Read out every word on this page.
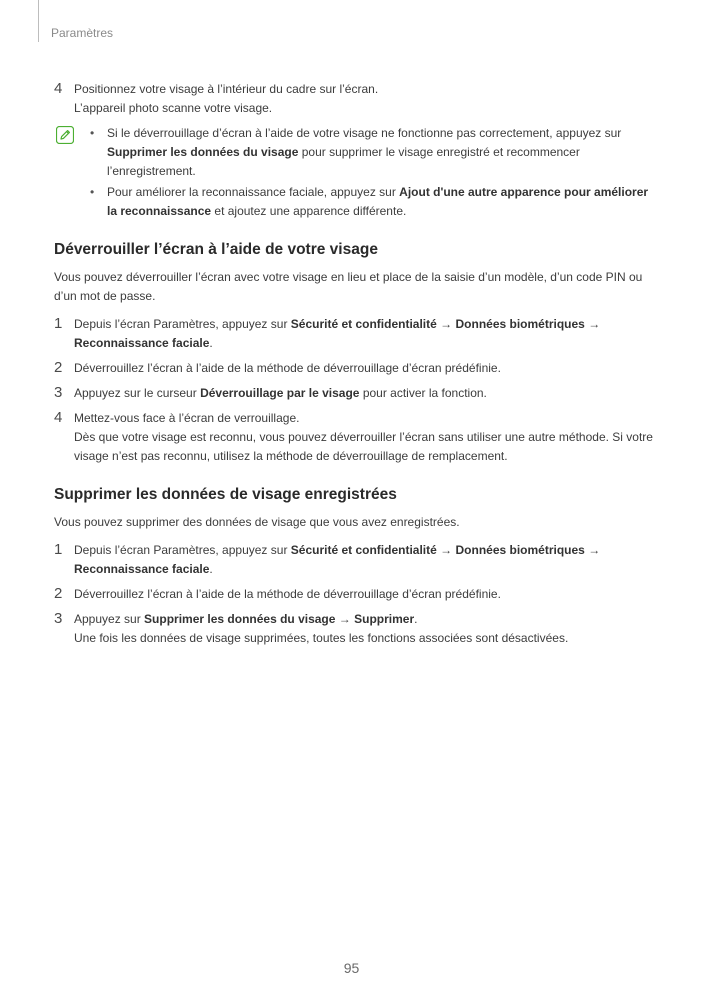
Paramètres
4 Positionnez votre visage à l’intérieur du cadre sur l’écran.
L’appareil photo scanne votre visage.
• Si le déverrouillage d’écran à l’aide de votre visage ne fonctionne pas correctement, appuyez sur Supprimer les données du visage pour supprimer le visage enregistré et recommencer l’enregistrement.
• Pour améliorer la reconnaissance faciale, appuyez sur Ajout d'une autre apparence pour améliorer la reconnaissance et ajoutez une apparence différente.
Déverrouiller l’écran à l’aide de votre visage

Vous pouvez déverrouiller l’écran avec votre visage en lieu et place de la saisie d’un modèle, d’un code PIN ou d’un mot de passe.

1 Depuis l’écran Paramètres, appuyez sur Sécurité et confidentialité → Données biométriques →
Reconnaissance faciale.
2 Déverrouillez l’écran à l’aide de la méthode de déverrouillage d’écran prédéfinie.
3 Appuyez sur le curseur Déverrouillage par le visage pour activer la fonction.
4 Mettez-vous face à l’écran de verrouillage.
Dès que votre visage est reconnu, vous pouvez déverrouiller l’écran sans utiliser une autre méthode. Si votre visage n’est pas reconnu, utilisez la méthode de déverrouillage de remplacement.
Supprimer les données de visage enregistrées

Vous pouvez supprimer des données de visage que vous avez enregistrées.

1 Depuis l’écran Paramètres, appuyez sur Sécurité et confidentialité → Données biométriques →
Reconnaissance faciale.
2 Déverrouillez l’écran à l’aide de la méthode de déverrouillage d’écran prédéfinie.
3 Appuyez sur Supprimer les données du visage → Supprimer.
Une fois les données de visage supprimées, toutes les fonctions associées sont désactivées.
95
